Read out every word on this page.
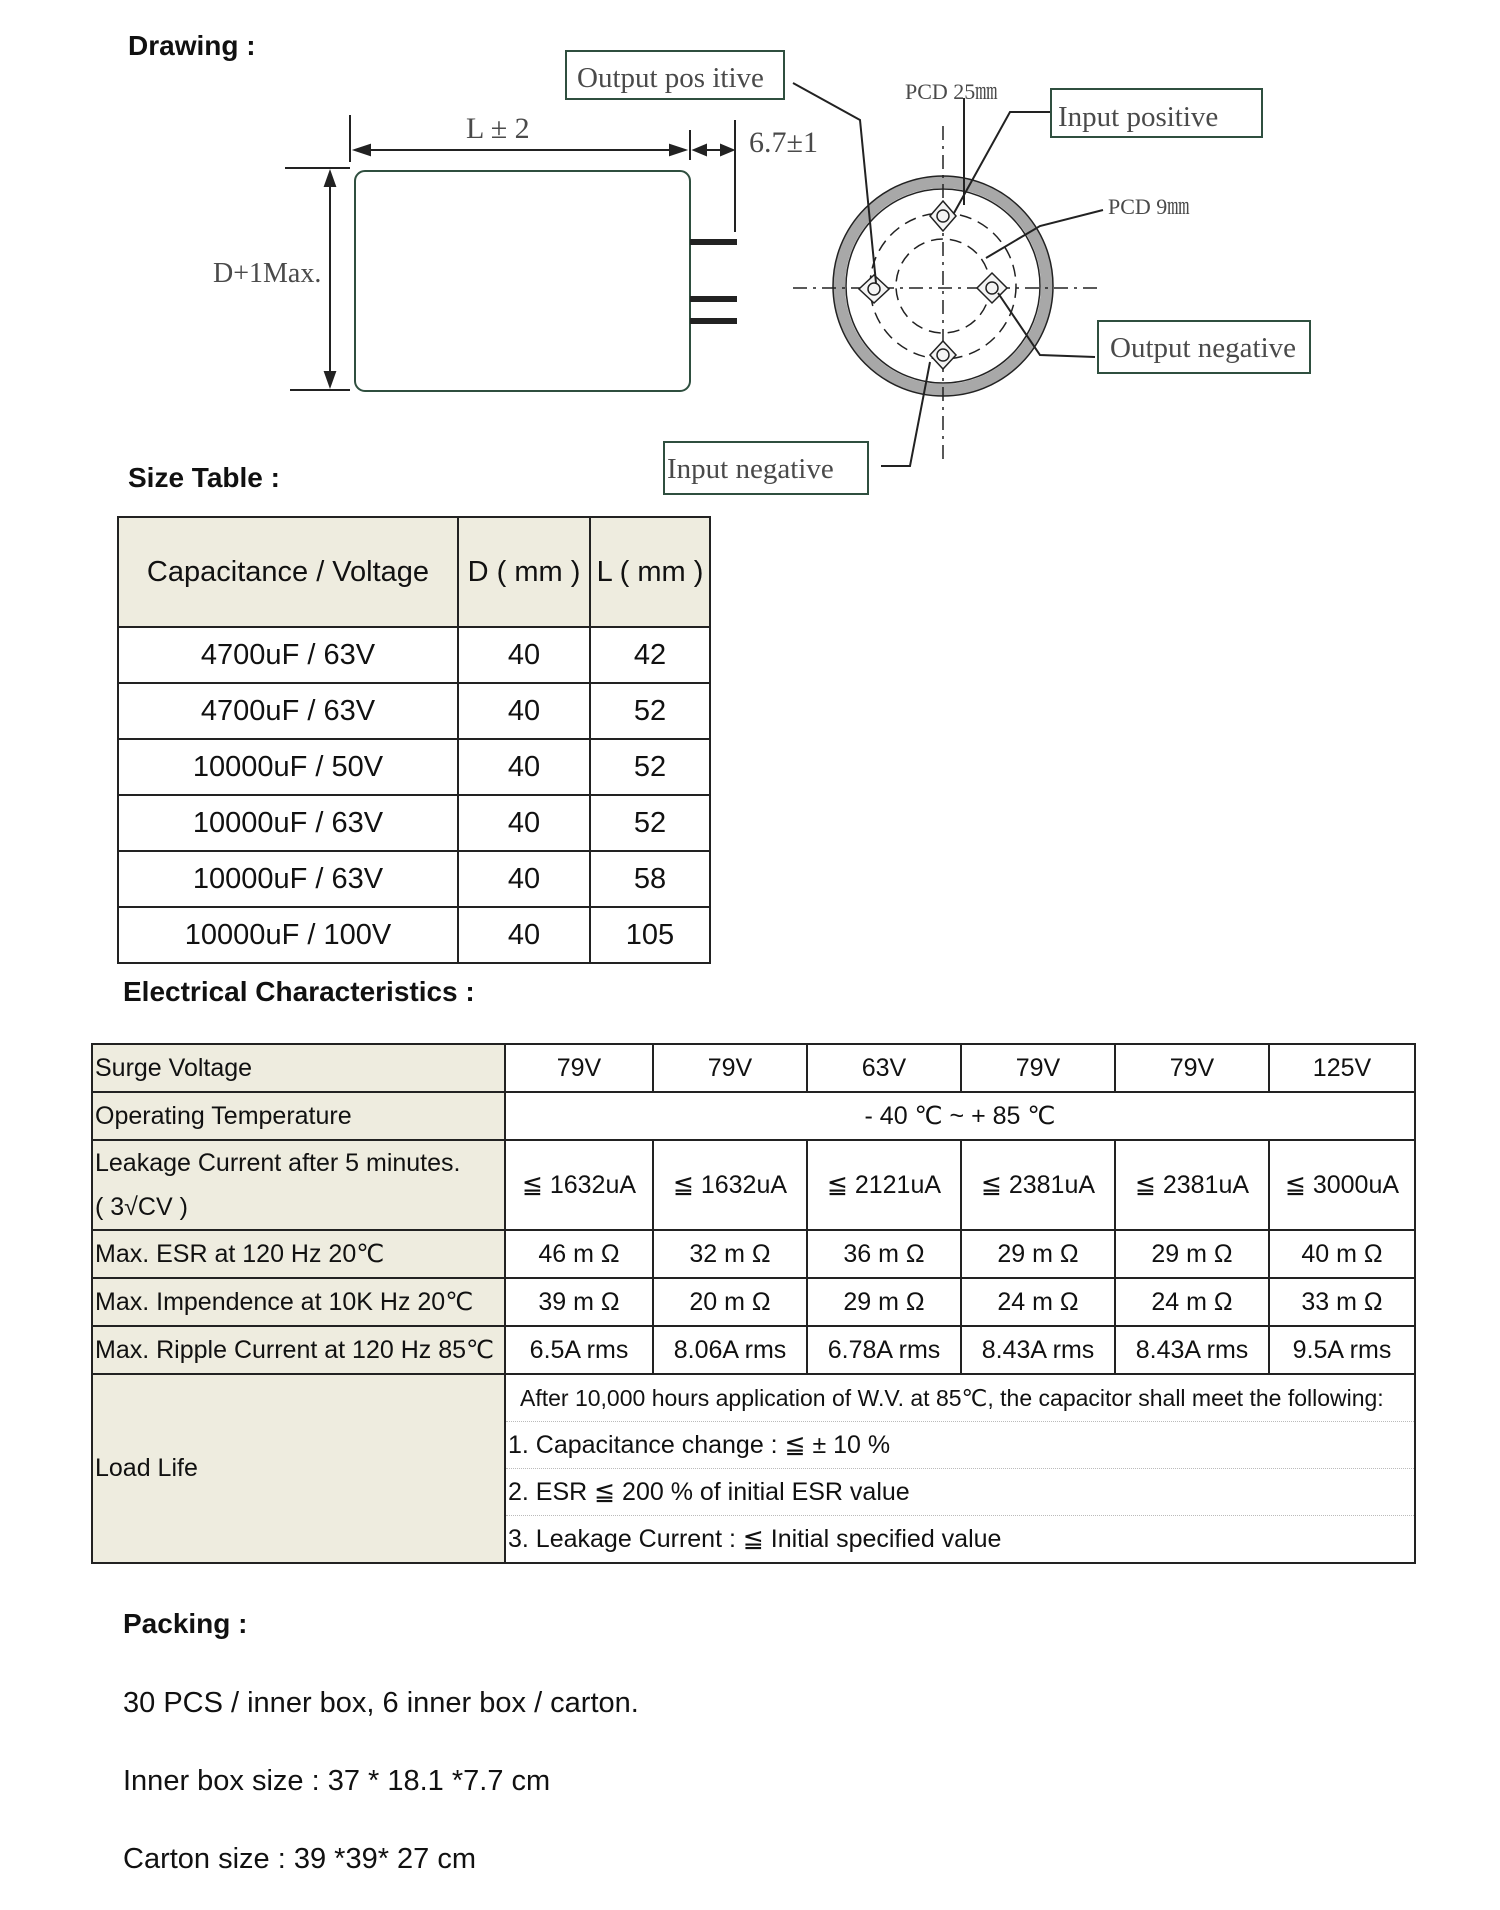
Drawing :

L ± 2	6.7±1
D+1Max.
Output pos itive	PCD 25㎜
Input positive
PCD 9㎜
Output negative
Input negative

Size Table :

Capacitance / Voltage	D ( mm )	L ( mm )
4700uF / 63V	40	42
4700uF / 63V	40	52
10000uF / 50V	40	52
10000uF / 63V	40	52
10000uF / 63V	40	58
10000uF / 100V	40	105

Electrical Characteristics :

Surge Voltage	79V	79V	63V	79V	79V	125V
Operating Temperature	- 40 ℃ ~ + 85 ℃					

Leakage Current after 5 minutes.
( 3√CV )	≦ 1632uA	≦ 1632uA	≦ 2121uA	≦ 2381uA	≦ 2381uA	≦ 3000uA
Max. ESR at 120 Hz 20℃	46 m Ω	32 m Ω	36 m Ω	29 m Ω	29 m Ω	40 m Ω
Max. Impendence at 10K Hz 20℃	39 m Ω	20 m Ω	29 m Ω	24 m Ω	24 m Ω	33 m Ω
Max. Ripple Current at 120 Hz 85℃	6.5A rms	8.06A rms	6.78A rms	8.43A rms	8.43A rms	9.5A rms
Load Life	After 10,000 hours application of W.V. at 85℃, the capacitor shall meet the following:
1. Capacitance change : ≦ ± 10 %
2. ESR ≦ 200 % of initial ESR value
3. Leakage Current : ≦ Initial specified value					

Packing :

30 PCS / inner box, 6 inner box / carton.

Inner box size : 37 * 18.1 *7.7 cm

Carton size : 39 *39* 27 cm
